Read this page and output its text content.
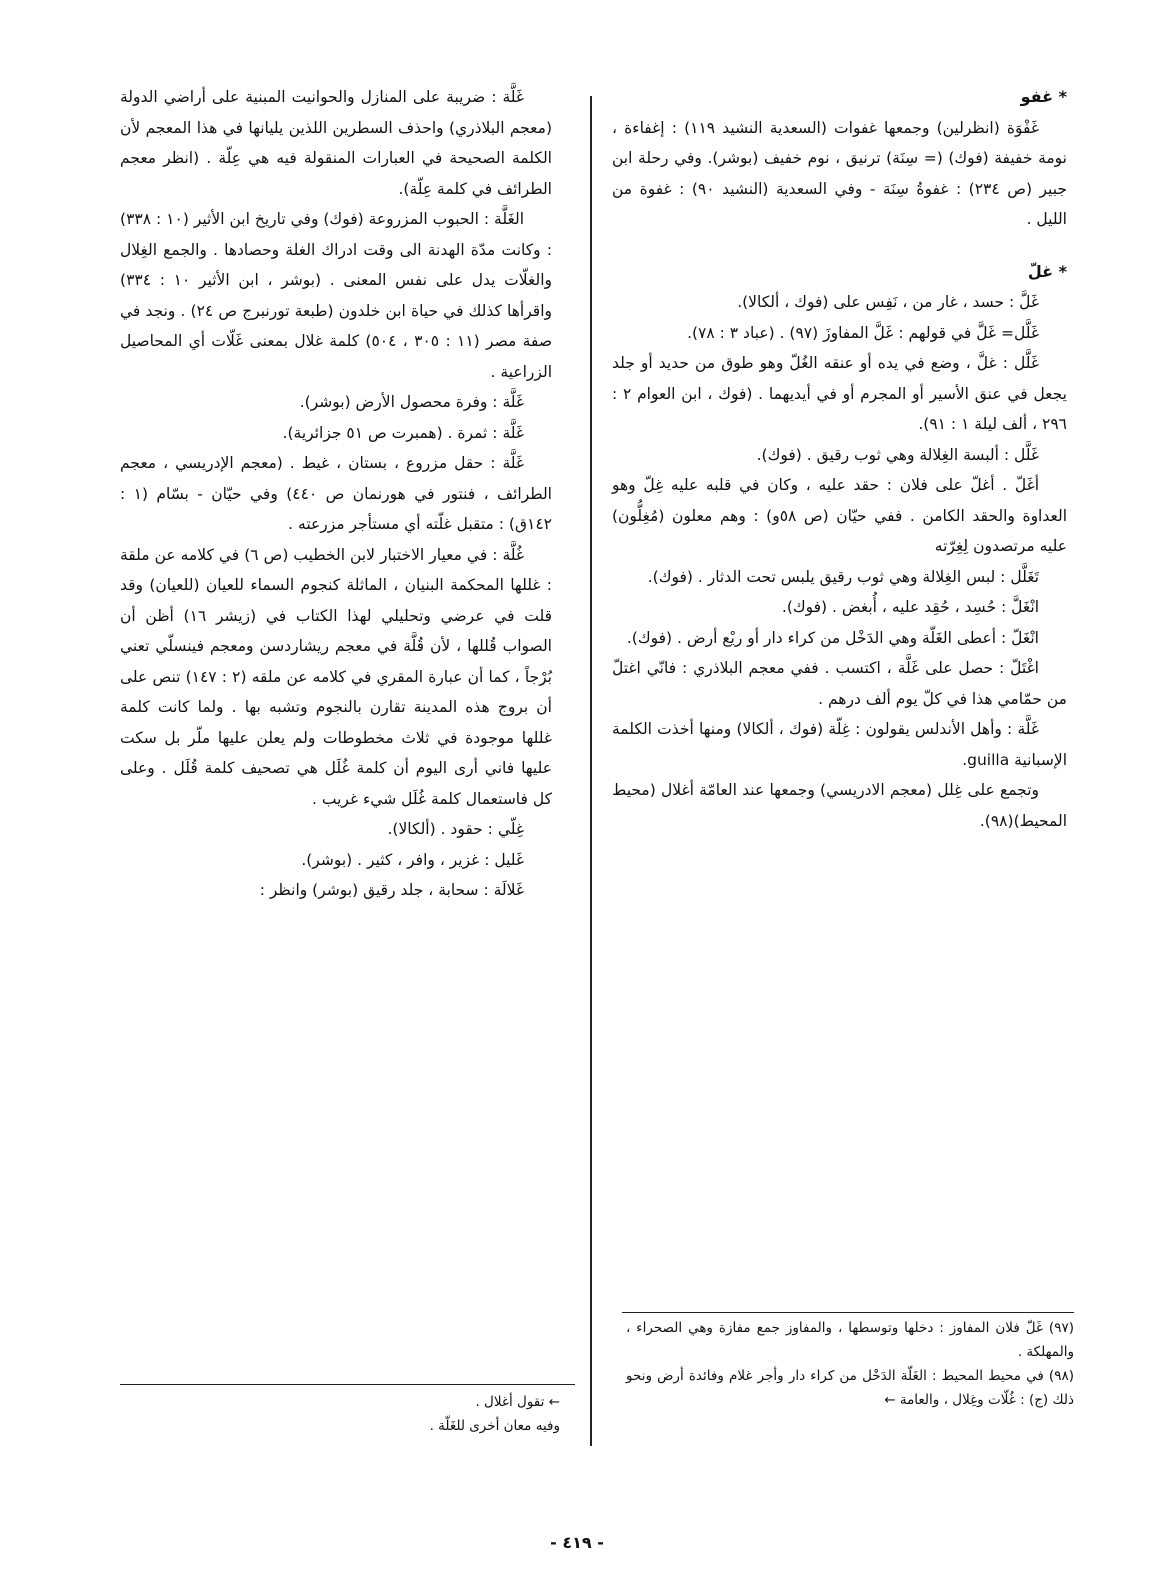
* غفو

غَفْوَة (انظرلين) وجمعها غفوات (السعدية النشيد ١١٩) : إغفاءة ، نومة خفيفة (فوك) (= سِنَة) ترنيق ، نوم خفيف (بوشر). وفي رحلة ابن جبير (ص ٢٣٤) : غفوةُ سِنَة - وفي السعدية (النشيد ٩٠) : غفوة من الليل .

* غلّ

غَلَّ : حسد ، غار من ، نَفِس على (فوك ، ألكالا).

غَلَّل= غَلَّ في قولهم : غَلَّ المفاوزَ (٩٧) . (عباد ٣ : ٧٨).

غَلَّل : غلَّ ، وضع في يده أو عنقه الغُلّ وهو طوق من حديد أو جلد يجعل في عنق الأسير أو المجرم أو في أيديهما . (فوك ، ابن العوام ٢ : ٢٩٦ ، ألف ليلة ١ : ٩١).

غَلَّل : ألبسة الغِلالة وهي ثوب رقيق . (فوك).

أغَلّ . أغلّ على فلان : حقد عليه ، وكان في قلبه عليه غِلّ وهو العداوة والحقد الكامن . ففي حيّان (ص ٥٨و) : وهم معلون (مُغِلُّون) عليه مرتصدون لِغِرّته

تَغَلَّل : لبس الغِلالة وهي ثوب رقيق يلبس تحت الدثار . (فوك).

انْغَلَّ : حُسِد ، حُقِد عليه ، أُبغض . (فوك).

انْغَلّ : أعطى الغَلّة وهي الدَخْل من كراء دار أو ريْع أرض . (فوك).

اغْتَلّ : حصل على غَلَّة ، اكتسب . ففي معجم البلاذري : فانّي اغتلّ من حمّامي هذا في كلّ يوم ألف درهم .

غَلَّة : وأهل الأندلس يقولون : غِلّة (فوك ، ألكالا) ومنها أخذت الكلمة الإسبانية guilla.

وتجمع على غِلل (معجم الادريسي) وجمعها عند العامّة أغلال (محيط المحيط)(٩٨).

غَلَّة : ضريبة على المنازل والحوانيت المبنية على أراضي الدولة (معجم البلاذري) واحذف السطرين اللذين يليانها في هذا المعجم لأن الكلمة الصحيحة في العبارات المنقولة فيه هي عِلّة . (انظر معجم الطرائف في كلمة عِلّة).

الغَلَّة : الحبوب المزروعة (فوك) وفي تاريخ ابن الأثير (١٠ : ٣٣٨) : وكانت مدّة الهدنة الى وقت ادراك الغلة وحصادها . والجمع الغِلال والغلّات يدل على نفس المعنى . (بوشر ، ابن الأثير ١٠ : ٣٣٤) واقرأها كذلك في حياة ابن خلدون (طبعة تورنبرج ص ٢٤) . ونجد في صفة مصر (١١ : ٣٠٥ ، ٥٠٤) كلمة غلال بمعنى غَلّات أي المحاصيل الزراعية .

غَلَّة : وفرة محصول الأرض (بوشر).

غَلَّة : ثمرة . (همبرت ص ٥١ جزائرية).

غَلَّة : حقل مزروع ، بستان ، غيط . (معجم الإدريسي ، معجم الطرائف ، فنتور في هورنمان ص ٤٤٠) وفي حيّان - بسّام (١ : ١٤٢ق) : متقبل غلّته أي مستأجر مزرعته .

غُلَّة : في معيار الاختبار لابن الخطيب (ص ٦) في كلامه عن ملقة : غللها المحكمة البنيان ، الماثلة كنجوم السماء للعيان (للعيان) وقد قلت في عرضي وتحليلي لهذا الكتاب في (زيشر ١٦) أظن أن الصواب قُللها ، لأن قُلَّة في معجم ريشاردسن ومعجم فينسلّي تعني بُرْجاً ، كما أن عبارة المقري في كلامه عن ملقه (٢ : ١٤٧) تنص على أن بروج هذه المدينة تقارن بالنجوم وتشبه بها . ولما كانت كلمة غللها موجودة في ثلاث مخطوطات ولم يعلن عليها ملّر بل سكت عليها فاني أرى اليوم أن كلمة غُلَل هي تصحيف كلمة قُلَل . وعلى كل فاستعمال كلمة غُلَل شيء غريب .

غِلّي : حقود . (ألكالا).

غَليل : غزير ، وافر ، كثير . (بوشر).

غَلالَة : سحابة ، جلد رقيق (بوشر) وانظر :

(٩٧) غَلّ فلان المفاوز : دخلها وتوسطها ، والمفاوز جمع مفازة وهي الصحراء ، والمهلكة .

(٩٨) في محيط المحيط : الغَلّة الدَخْل من كراء دار وأجر غلام وفائدة أرض ونحو ذلك (ج) : غُلّات وغِلال ، والعامة ←

← تقول أغلال .

وفيه معان أخرى للغَلّة .

- ٤١٩ -
